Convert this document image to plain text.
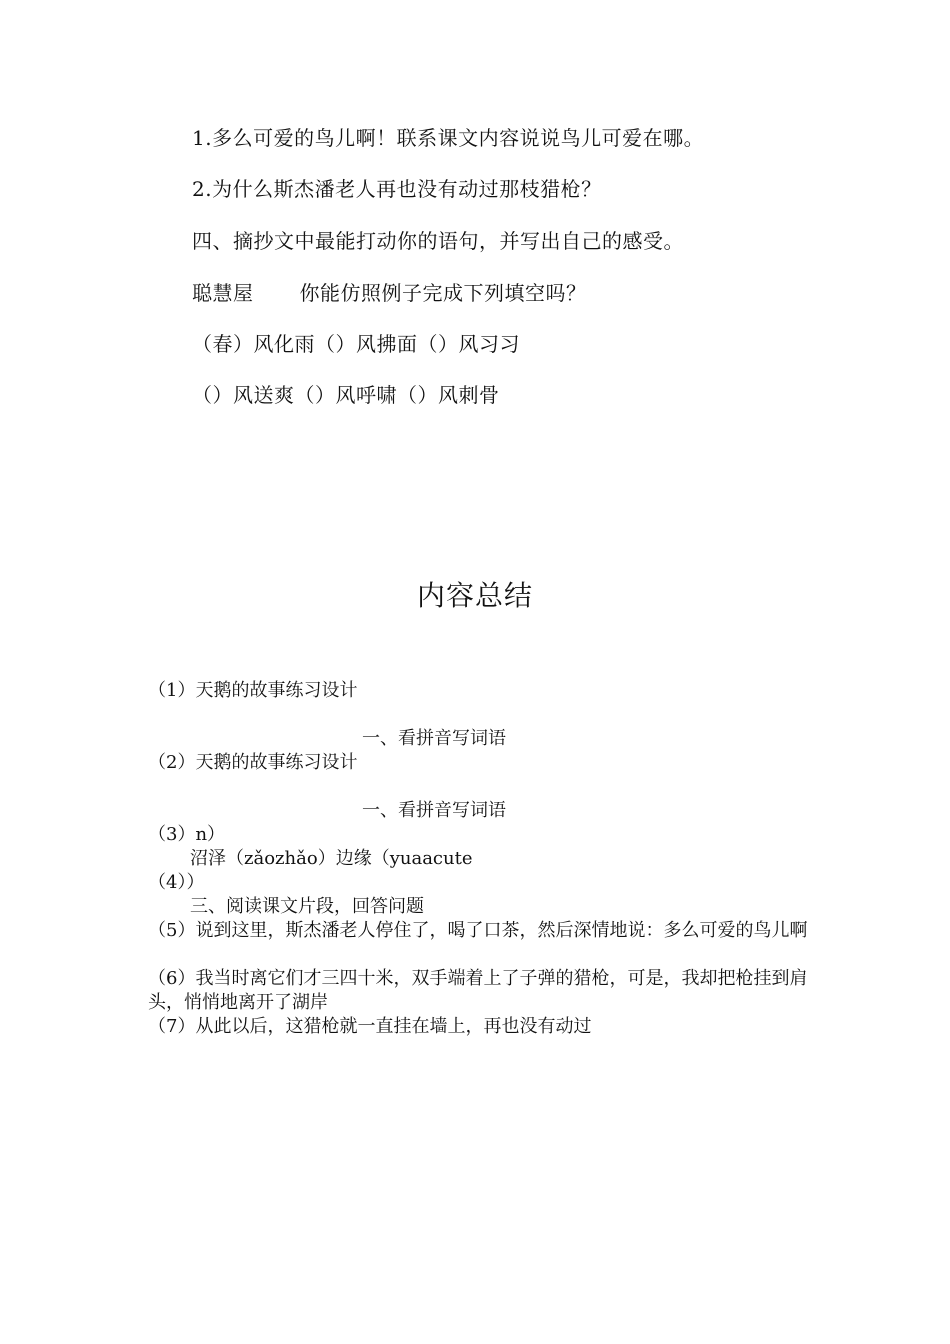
1.多么可爱的鸟儿啊！联系课文内容说说鸟儿可爱在哪。
2.为什么斯杰潘老人再也没有动过那枝猎枪？
四、摘抄文中最能打动你的语句，并写出自己的感受。
聪慧屋 你能仿照例子完成下列填空吗？
（春）风化雨（）风拂面（）风习习
（）风送爽（）风呼啸（）风刺骨
内容总结
（1）天鹅的故事练习设计
一、看拼音写词语
（2）天鹅的故事练习设计
一、看拼音写词语
（3）n）
沼泽（zǎozhǎo）边缘（yuaacute
（4））
三、阅读课文片段，回答问题
（5）说到这里，斯杰潘老人停住了，喝了口茶，然后深情地说：多么可爱的鸟儿啊
（6）我当时离它们才三四十米，双手端着上了子弹的猎枪，可是，我却把枪挂到肩头，悄悄地离开了湖岸
（7）从此以后，这猎枪就一直挂在墙上，再也没有动过
